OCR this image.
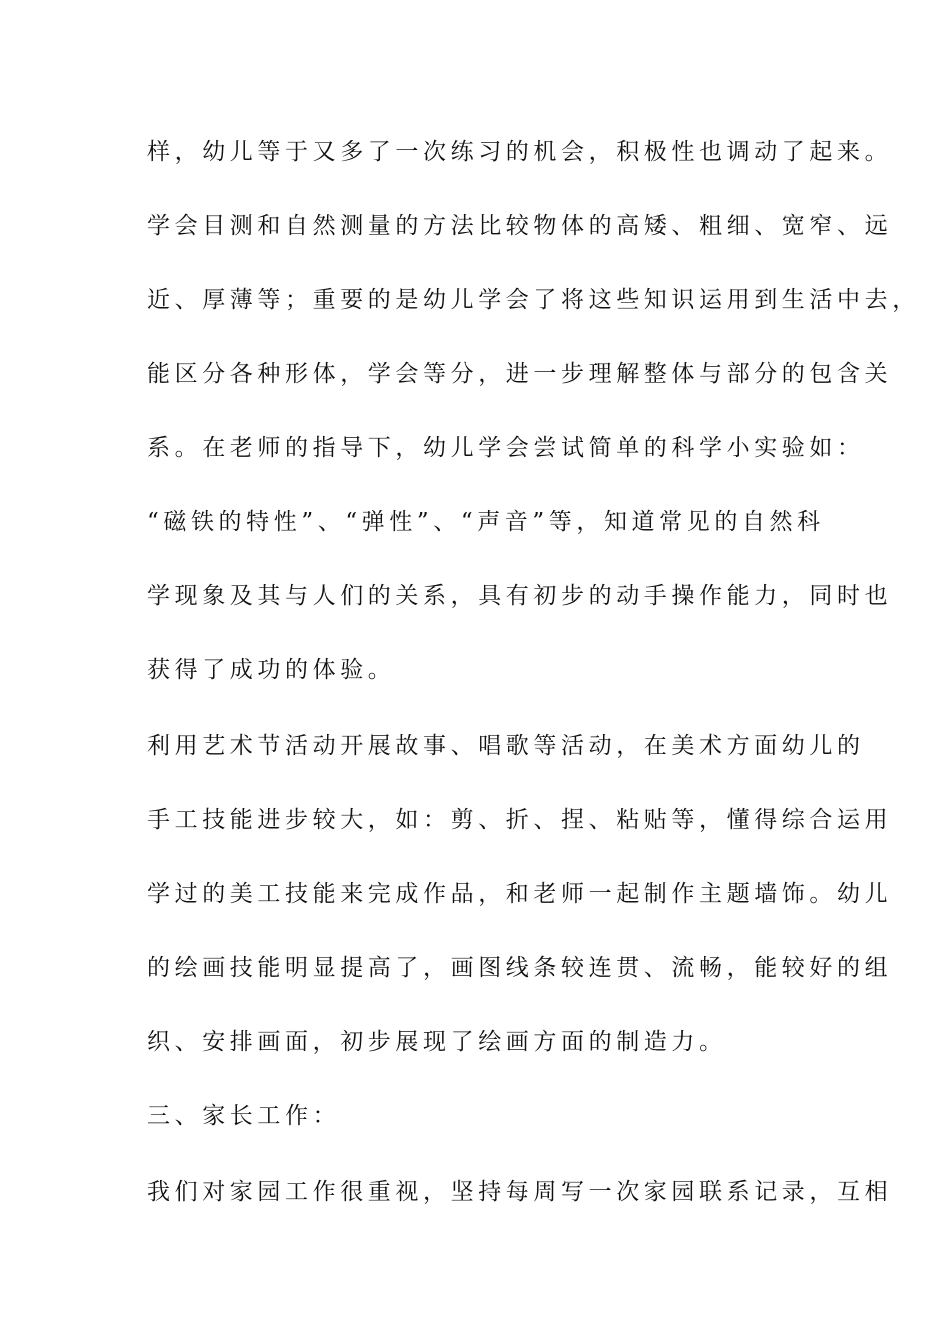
样，幼儿等于又多了一次练习的机会，积极性也调动了起来。

学会目测和自然测量的方法比较物体的高矮、粗细、宽窄、远

近、厚薄等；重要的是幼儿学会了将这些知识运用到生活中去，

能区分各种形体，学会等分，进一步理解整体与部分的包含关

系。在老师的指导下，幼儿学会尝试简单的科学小实验如：

“磁铁的特性”、“弹性”、“声音”等，知道常见的自然科

学现象及其与人们的关系，具有初步的动手操作能力，同时也

获得了成功的体验。

利用艺术节活动开展故事、唱歌等活动，在美术方面幼儿的

手工技能进步较大，如：剪、折、捏、粘贴等，懂得综合运用

学过的美工技能来完成作品，和老师一起制作主题墙饰。幼儿

的绘画技能明显提高了，画图线条较连贯、流畅，能较好的组

织、安排画面，初步展现了绘画方面的制造力。

三、家长工作：

我们对家园工作很重视，坚持每周写一次家园联系记录，互相
